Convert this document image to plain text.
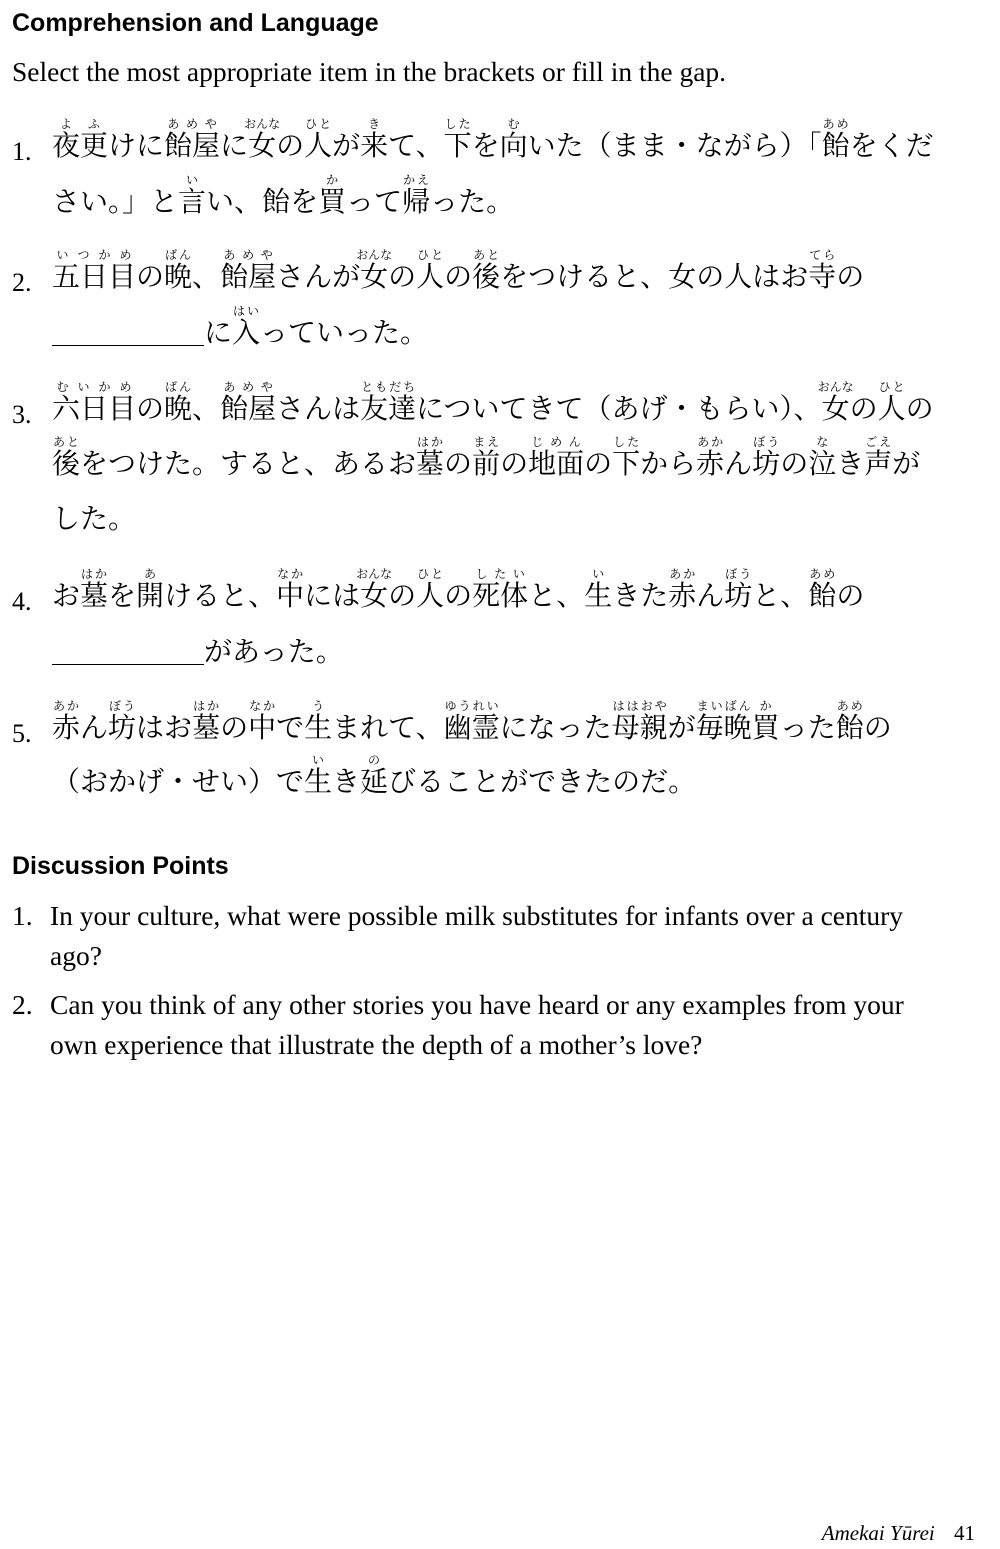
Comprehension and Language

Select the most appropriate item in the brackets or fill in the gap.

1. 夜更よふけに飴屋あめやに女おんなの人ひとが来きて、下したを向むいた（まま・ながら）「飴あめをください。」と言いい、飴を買かって帰かえった。

2. 五日目いつかめの晩ばん、飴屋あめやさんが女おんなの人ひとの後あとをつけると、女の人はお寺てらのに入はいっていった。

3. 六日目むいかめの晩ばん、飴屋あめやさんは友達ともだちについてきて（あげ・もらい）、女おんなの人ひとの後あとをつけた。すると、あるお墓はかの前まえの地面じめんの下したから赤あかん坊ぼうの泣なき声ごえがした。

4. お墓はかを開あけると、中なかには女おんなの人ひとの死体したいと、生いきた赤あかん坊ぼうと、飴あめのがあった。

5. 赤あかん坊ぼうはお墓はかの中なかで生うまれて、幽霊ゆうれいになった母親ははおやが毎晩まいばん買かった飴あめの（おかげ・せい）で生いき延のびることができたのだ。

Discussion Points
1. In your culture, what were possible milk substitutes for infants over a century ago?

2. Can you think of any other stories you have heard or any examples from your own experience that illustrate the depth of a mother’s love?

Amekai Yūrei 41
